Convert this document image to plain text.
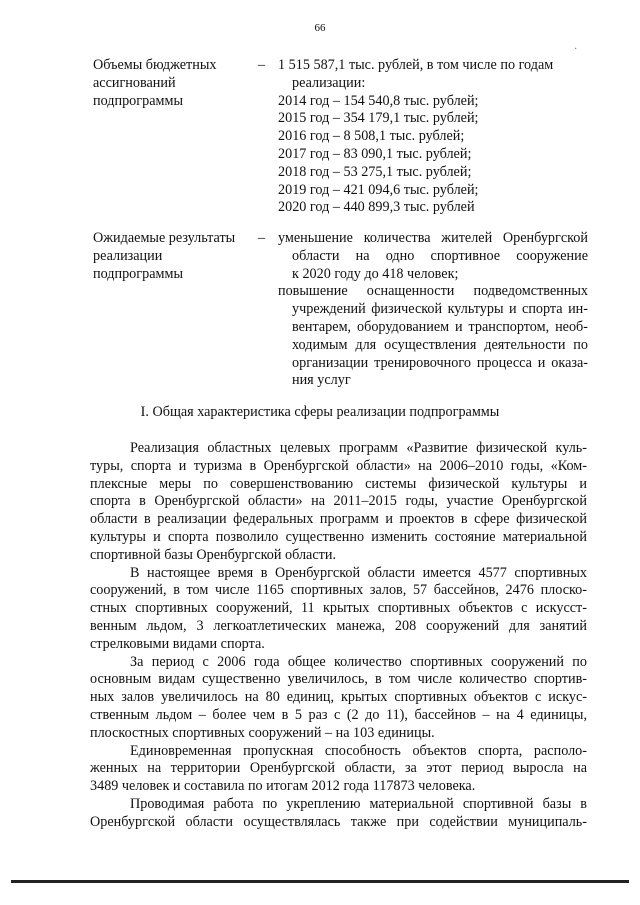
66
·
Объемы бюджетных
ассигнований
подпрограммы
– 1 515 587,1 тыс. рублей, в том числе по годам
реализации:
2014 год – 154 540,8 тыс. рублей;
2015 год – 354 179,1 тыс. рублей;
2016 год – 8 508,1 тыс. рублей;
2017 год – 83 090,1 тыс. рублей;
2018 год – 53 275,1 тыс. рублей;
2019 год – 421 094,6 тыс. рублей;
2020 год – 440 899,3 тыс. рублей
Ожидаемые результаты
реализации
подпрограммы
– уменьшение количества жителей Оренбургской
области на одно спортивное сооружение
к 2020 году до 418 человек;
повышение оснащенности подведомственных
учреждений физической культуры и спорта ин-
вентарем, оборудованием и транспортом, необ-
ходимым для осуществления деятельности по
организации тренировочного процесса и оказа-
ния услуг
I. Общая характеристика сферы реализации подпрограммы
Реализация областных целевых программ «Развитие физической куль-
туры, спорта и туризма в Оренбургской области» на 2006–2010 годы, «Ком-
плексные меры по совершенствованию системы физической культуры и
спорта в Оренбургской области» на 2011–2015 годы, участие Оренбургской
области в реализации федеральных программ и проектов в сфере физической
культуры и спорта позволило существенно изменить состояние материальной
спортивной базы Оренбургской области.
В настоящее время в Оренбургской области имеется 4577 спортивных
сооружений, в том числе 1165 спортивных залов, 57 бассейнов, 2476 плоско-
стных спортивных сооружений, 11 крытых спортивных объектов с искусст-
венным льдом, 3 легкоатлетических манежа, 208 сооружений для занятий
стрелковыми видами спорта.
За период с 2006 года общее количество спортивных сооружений по
основным видам существенно увеличилось, в том числе количество спортив-
ных залов увеличилось на 80 единиц, крытых спортивных объектов с искус-
ственным льдом – более чем в 5 раз с (2 до 11), бассейнов – на 4 единицы,
плоскостных спортивных сооружений – на 103 единицы.
Единовременная пропускная способность объектов спорта, располо-
женных на территории Оренбургской области, за этот период выросла на
3489 человек и составила по итогам 2012 года 117873 человека.
Проводимая работа по укреплению материальной спортивной базы в
Оренбургской области осуществлялась также при содействии муниципаль-
